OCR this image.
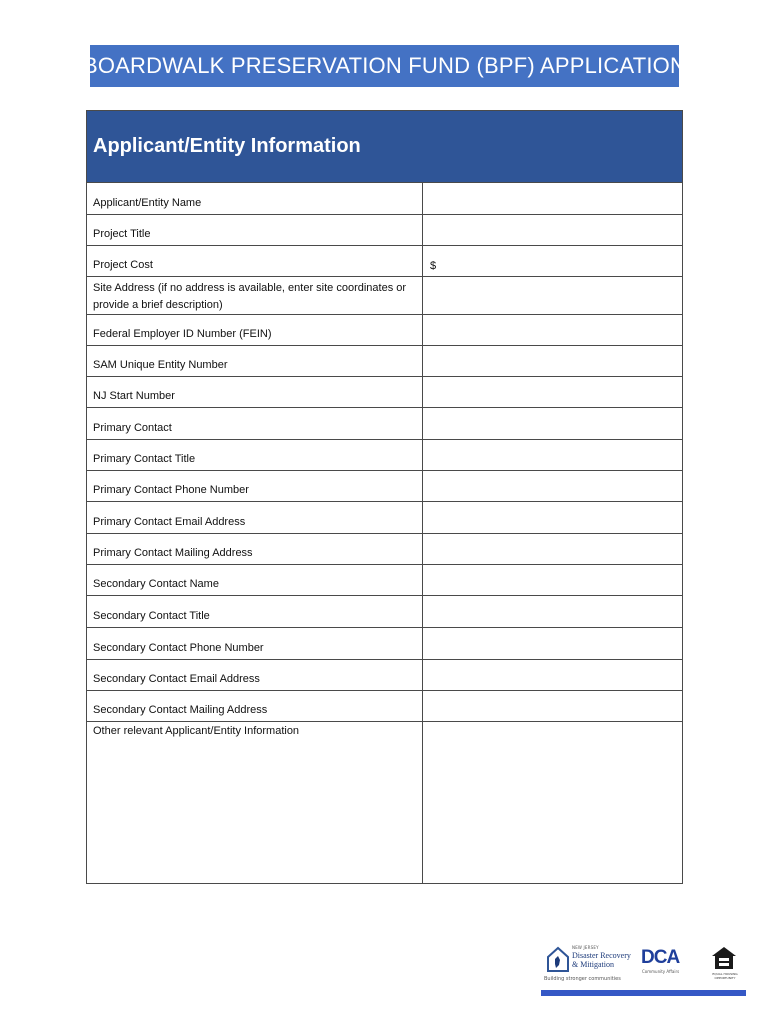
BOARDWALK PRESERVATION FUND (BPF) APPLICATION
Applicant/Entity Information
Applicant/Entity Name
Project Title
Project Cost	$
Site Address (if no address is available, enter site coordinates or provide a brief description)
Federal Employer ID Number (FEIN)
SAM Unique Entity Number
NJ Start Number
Primary Contact
Primary Contact Title
Primary Contact Phone Number
Primary Contact Email Address
Primary Contact Mailing Address
Secondary Contact Name
Secondary Contact Title
Secondary Contact Phone Number
Secondary Contact Email Address
Secondary Contact Mailing Address
Other relevant Applicant/Entity Information
NEW JERSEY
Disaster Recovery
& Mitigation
Building stronger communities
DCA
Community Affairs	EQUAL HOUSING OPPORTUNITY
